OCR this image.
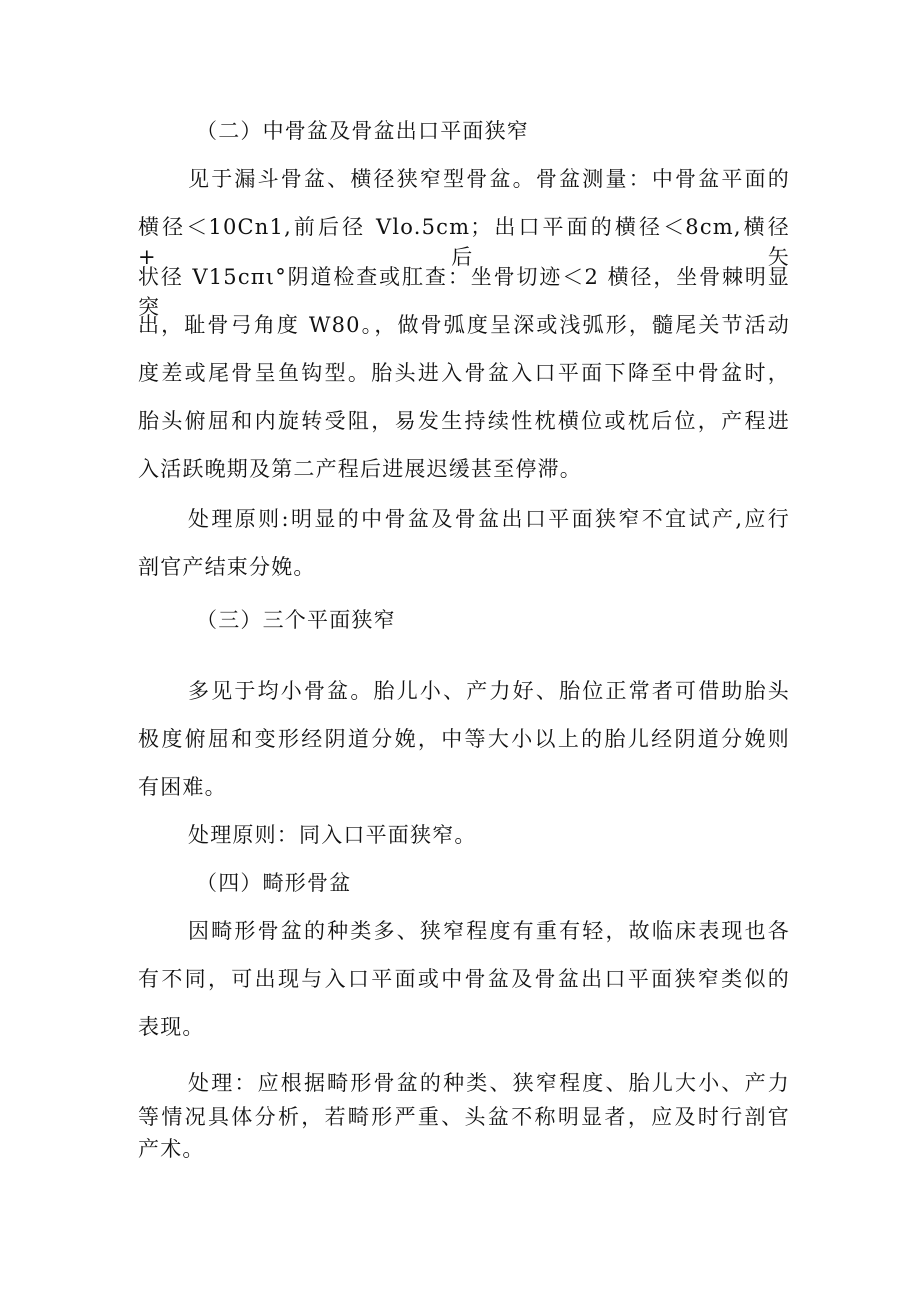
（二）中骨盆及骨盆出口平面狭窄
见于漏斗骨盆、横径狭窄型骨盆。骨盆测量：中骨盆平面的
横径＜10Cn1,前后径 Vlo.5cm；出口平面的横径＜8cm,横径+后矢
状径 V15cπι°阴道检查或肛查：坐骨切迹＜2 横径，坐骨棘明显突
出，耻骨弓角度 W80。，做骨弧度呈深或浅弧形，髓尾关节活动
度差或尾骨呈鱼钩型。胎头进入骨盆入口平面下降至中骨盆时，
胎头俯屈和内旋转受阻，易发生持续性枕横位或枕后位，产程进
入活跃晚期及第二产程后进展迟缓甚至停滞。
处理原则:明显的中骨盆及骨盆出口平面狭窄不宜试产,应行
剖官产结束分娩。
（三）三个平面狭窄
多见于均小骨盆。胎儿小、产力好、胎位正常者可借助胎头
极度俯屈和变形经阴道分娩，中等大小以上的胎儿经阴道分娩则
有困难。
处理原则：同入口平面狭窄。
（四）畸形骨盆
因畸形骨盆的种类多、狭窄程度有重有轻，故临床表现也各
有不同，可出现与入口平面或中骨盆及骨盆出口平面狭窄类似的
表现。
处理：应根据畸形骨盆的种类、狭窄程度、胎儿大小、产力
等情况具体分析，若畸形严重、头盆不称明显者，应及时行剖官
产术。
